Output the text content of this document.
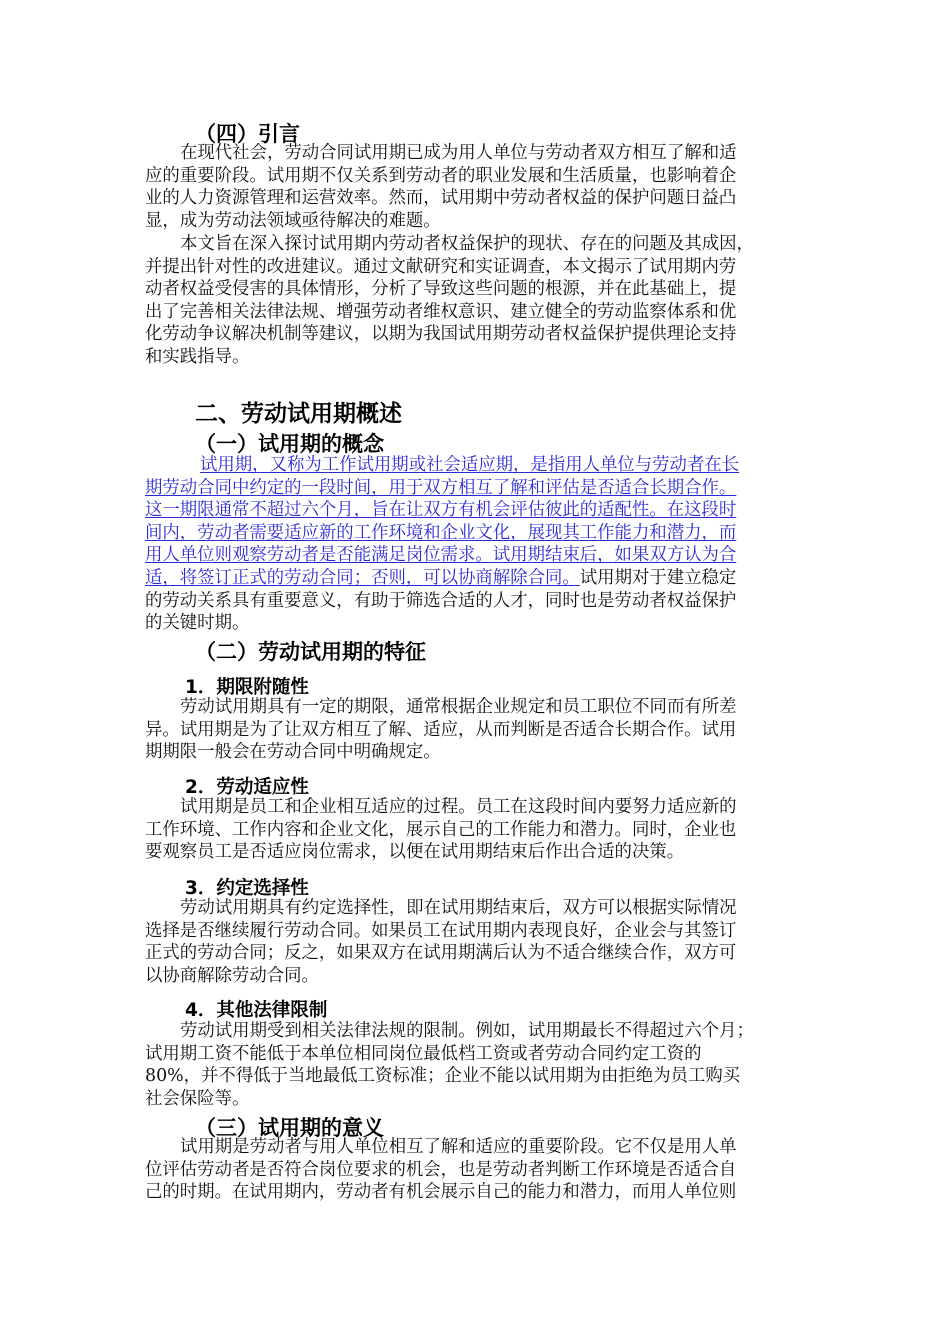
（四）引言
在现代社会，劳动合同试用期已成为用人单位与劳动者双方相互了解和适
应的重要阶段。试用期不仅关系到劳动者的职业发展和生活质量，也影响着企
业的人力资源管理和运营效率。然而，试用期中劳动者权益的保护问题日益凸
显，成为劳动法领域亟待解决的难题。
本文旨在深入探讨试用期内劳动者权益保护的现状、存在的问题及其成因，
并提出针对性的改进建议。通过文献研究和实证调查，本文揭示了试用期内劳
动者权益受侵害的具体情形，分析了导致这些问题的根源，并在此基础上，提
出了完善相关法律法规、增强劳动者维权意识、建立健全的劳动监察体系和优
化劳动争议解决机制等建议，以期为我国试用期劳动者权益保护提供理论支持
和实践指导。
二、劳动试用期概述
（一）试用期的概念
试用期，又称为工作试用期或社会适应期，是指用人单位与劳动者在长
期劳动合同中约定的一段时间，用于双方相互了解和评估是否适合长期合作。
这一期限通常不超过六个月，旨在让双方有机会评估彼此的适配性。在这段时
间内，劳动者需要适应新的工作环境和企业文化，展现其工作能力和潜力，而
用人单位则观察劳动者是否能满足岗位需求。试用期结束后，如果双方认为合
适，将签订正式的劳动合同；否则，可以协商解除合同。试用期对于建立稳定
的劳动关系具有重要意义，有助于筛选合适的人才，同时也是劳动者权益保护
的关键时期。
（二）劳动试用期的特征
1．期限附随性
劳动试用期具有一定的期限，通常根据企业规定和员工职位不同而有所差
异。试用期是为了让双方相互了解、适应，从而判断是否适合长期合作。试用
期期限一般会在劳动合同中明确规定。
2．劳动适应性
试用期是员工和企业相互适应的过程。员工在这段时间内要努力适应新的
工作环境、工作内容和企业文化，展示自己的工作能力和潜力。同时，企业也
要观察员工是否适应岗位需求，以便在试用期结束后作出合适的决策。
3．约定选择性
劳动试用期具有约定选择性，即在试用期结束后，双方可以根据实际情况
选择是否继续履行劳动合同。如果员工在试用期内表现良好，企业会与其签订
正式的劳动合同；反之，如果双方在试用期满后认为不适合继续合作，双方可
以协商解除劳动合同。
4．其他法律限制
劳动试用期受到相关法律法规的限制。例如，试用期最长不得超过六个月；
试用期工资不能低于本单位相同岗位最低档工资或者劳动合同约定工资的
80%，并不得低于当地最低工资标准；企业不能以试用期为由拒绝为员工购买
社会保险等。
（三）试用期的意义
试用期是劳动者与用人单位相互了解和适应的重要阶段。它不仅是用人单
位评估劳动者是否符合岗位要求的机会，也是劳动者判断工作环境是否适合自
己的时期。在试用期内，劳动者有机会展示自己的能力和潜力，而用人单位则
